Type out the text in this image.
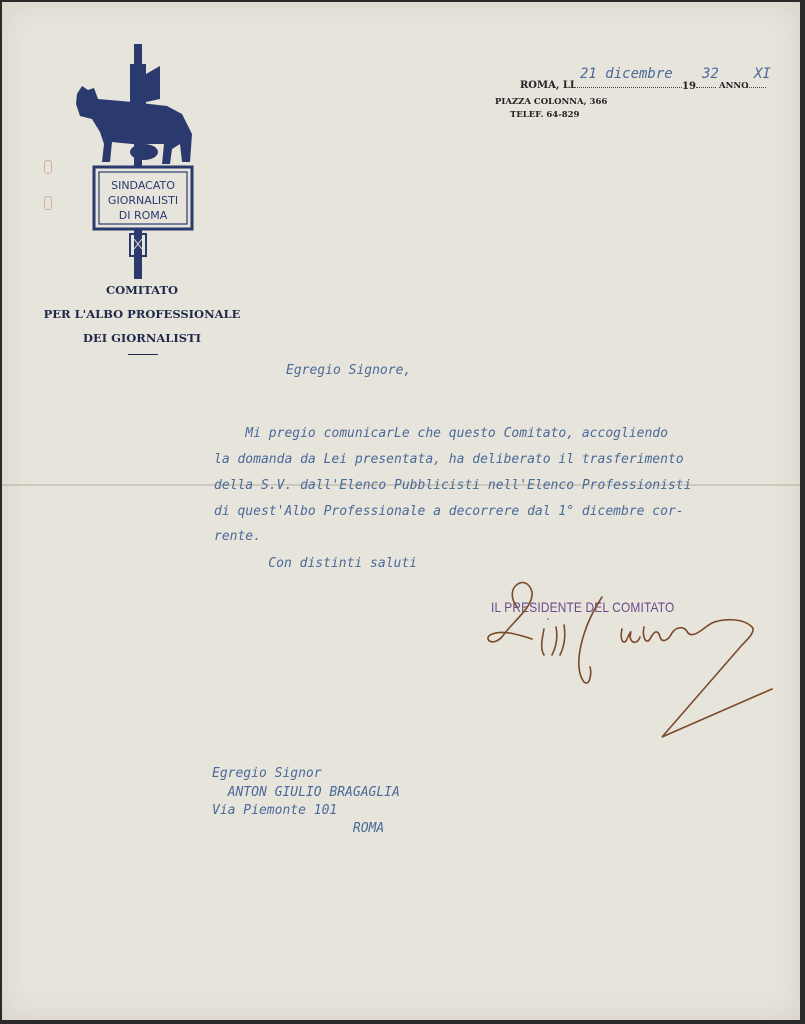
SINDACATO
GIORNALISTI
DI ROMA
COMITATO
PER L'ALBO PROFESSIONALE
DEI GIORNALISTI
ROMA, LI	19	ANNO
PIAZZA COLONNA, 366
TELEF. 64-829
21 dicembre 32	XI
Egregio Signore,
Mi pregio comunicarLe che questo Comitato, accogliendo
la domanda da Lei presentata, ha deliberato il trasferimento
della S.V. dall'Elenco Pubblicisti nell'Elenco Professionisti
di quest'Albo Professionale a decorrere dal 1° dicembre cor-
rente.
Con distinti saluti
IL PRESIDENTE DEL COMITATO
Egregio Signor
ANTON GIULIO BRAGAGLIA
Via Piemonte 101
ROMA
